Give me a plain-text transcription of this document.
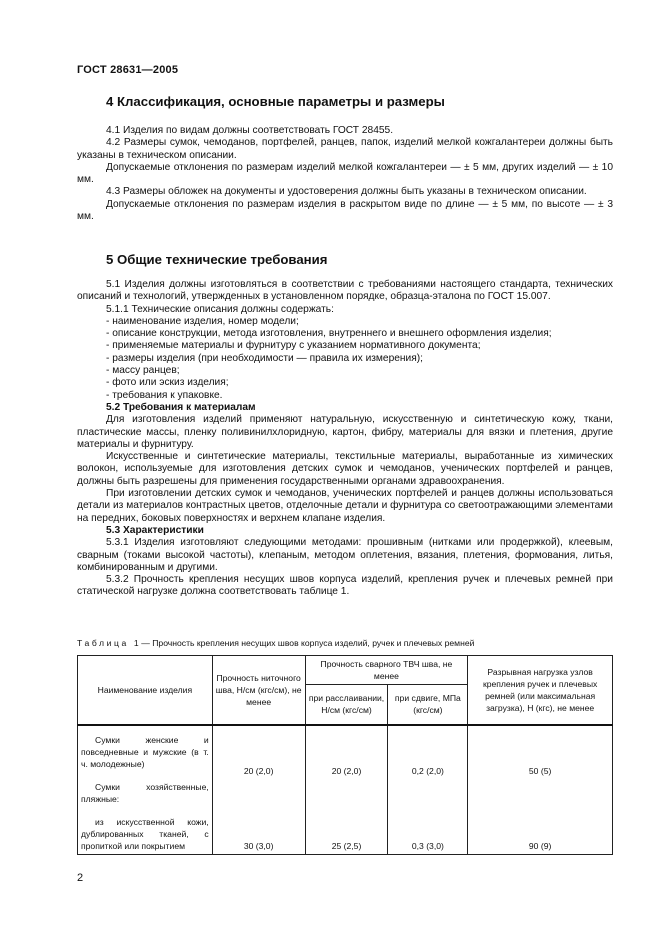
ГОСТ 28631—2005
4 Классификация, основные параметры и размеры

4.1 Изделия по видам должны соответствовать ГОСТ 28455.

4.2 Размеры сумок, чемоданов, портфелей, ранцев, папок, изделий мелкой кожгалантереи должны быть указаны в техническом описании.

Допускаемые отклонения по размерам изделий мелкой кожгалантереи — ± 5 мм, других изделий — ± 10 мм.

4.3 Размеры обложек на документы и удостоверения должны быть указаны в техническом описании.

Допускаемые отклонения по размерам изделия в раскрытом виде по длине — ± 5 мм, по высоте — ± 3 мм.

5 Общие технические требования

5.1 Изделия должны изготовляться в соответствии с требованиями настоящего стандарта, технических описаний и технологий, утвержденных в установленном порядке, образца-эталона по ГОСТ 15.007.

5.1.1 Технические описания должны содержать:

- наименование изделия, номер модели;

- описание конструкции, метода изготовления, внутреннего и внешнего оформления изделия;

- применяемые материалы и фурнитуру с указанием нормативного документа;

- размеры изделия (при необходимости — правила их измерения);

- массу ранцев;

- фото или эскиз изделия;

- требования к упаковке.

5.2 Требования к материалам

Для изготовления изделий применяют натуральную, искусственную и синтетическую кожу, ткани, пластические массы, пленку поливинилхлоридную, картон, фибру, материалы для вязки и плетения, другие материалы и фурнитуру.

Искусственные и синтетические материалы, текстильные материалы, выработанные из химических волокон, используемые для изготовления детских сумок и чемоданов, ученических портфелей и ранцев, должны быть разрешены для применения государственными органами здравоохранения.

При изготовлении детских сумок и чемоданов, ученических портфелей и ранцев должны использоваться детали из материалов контрастных цветов, отделочные детали и фурнитура со светоотражающими элементами на передних, боковых поверхностях и верхнем клапане изделия.

5.3 Характеристики

5.3.1 Изделия изготовляют следующими методами: прошивным (нитками или продержкой), клеевым, сварным (токами высокой частоты), клепаным, методом оплетения, вязания, плетения, формования, литья, комбинированным и другими.

5.3.2 Прочность крепления несущих швов корпуса изделий, крепления ручек и плечевых ремней при статической нагрузке должна соответствовать таблице 1.

Таблица 1— Прочность крепления несущих швов корпуса изделий, ручек и плечевых ремней
Наименование изделия	Прочность ниточного шва, Н/см (кгс/см), не менее	Прочность сварного ТВЧ шва, не менее		Разрывная нагрузка узлов крепления ручек и плечевых ремней (или максимальная загрузка), Н (кгс), не менее
		при расслаивании, Н/см (кгс/см)	при сдвиге, МПа (кгс/см)	

Сумки женские и повседневные и мужские (в т. ч. молодежные)	20 (2,0)	20 (2,0)	0,2 (2,0)	50 (5)

Сумки хозяйственные, пляжные:				

из искусственной кожи, дублированных тканей, с пропиткой или покрытием	30 (3,0)	25 (2,5)	0,3 (3,0)	90 (9)
2
